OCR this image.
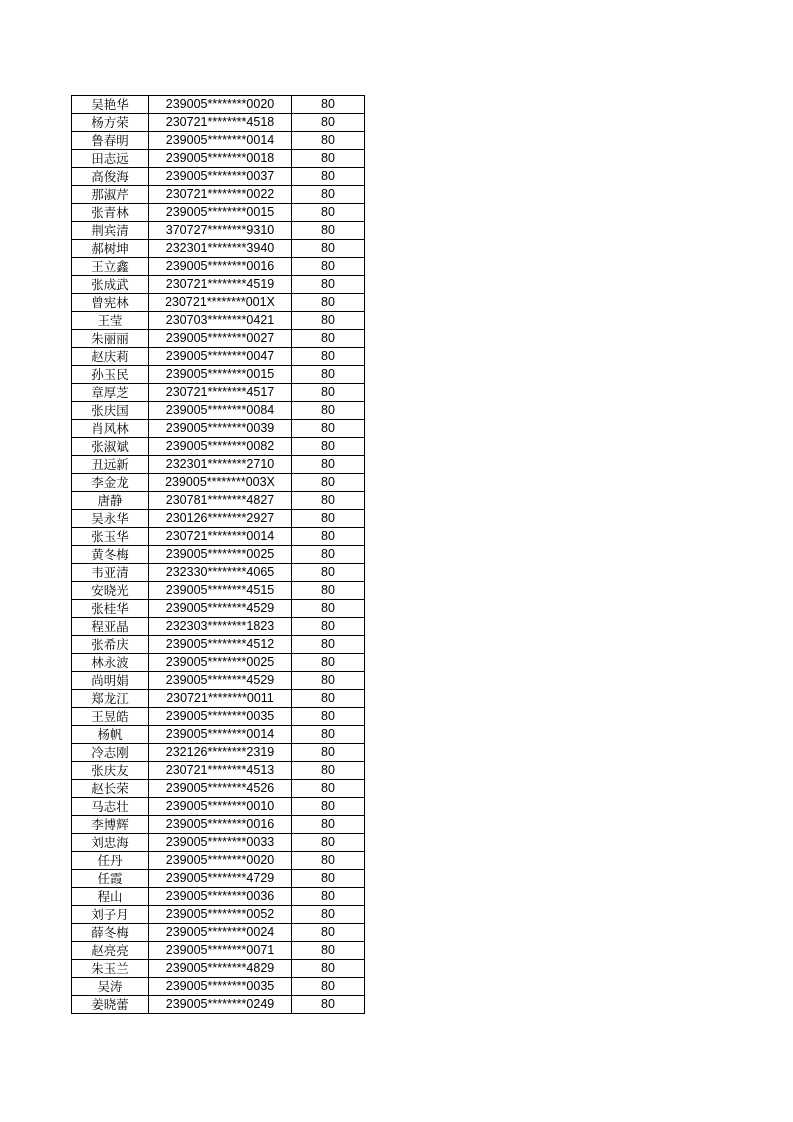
吴艳华	239005********0020	80
杨方荣	230721********4518	80
鲁春明	239005********0014	80
田志远	239005********0018	80
高俊海	239005********0037	80
那淑芹	230721********0022	80
张青林	239005********0015	80
荆宾清	370727********9310	80
郝树坤	232301********3940	80
王立鑫	239005********0016	80
张成武	230721********4519	80
曾宪林	230721********001X	80
王莹	230703********0421	80
朱丽丽	239005********0027	80
赵庆莉	239005********0047	80
孙玉民	239005********0015	80
章厚芝	230721********4517	80
张庆国	239005********0084	80
肖风林	239005********0039	80
张淑斌	239005********0082	80
丑远新	232301********2710	80
李金龙	239005********003X	80
唐静	230781********4827	80
吴永华	230126********2927	80
张玉华	230721********0014	80
黄冬梅	239005********0025	80
韦亚清	232330********4065	80
安晓光	239005********4515	80
张桂华	239005********4529	80
程亚晶	232303********1823	80
张希庆	239005********4512	80
林永波	239005********0025	80
尚明娟	239005********4529	80
郑龙江	230721********0011	80
王昱皓	239005********0035	80
杨帆	239005********0014	80
冷志刚	232126********2319	80
张庆友	230721********4513	80
赵长荣	239005********4526	80
马志壮	239005********0010	80
李博辉	239005********0016	80
刘忠海	239005********0033	80
任丹	239005********0020	80
任霞	239005********4729	80
程山	239005********0036	80
刘子月	239005********0052	80
薛冬梅	239005********0024	80
赵亮亮	239005********0071	80
朱玉兰	239005********4829	80
吴涛	239005********0035	80
姜晓蕾	239005********0249	80
